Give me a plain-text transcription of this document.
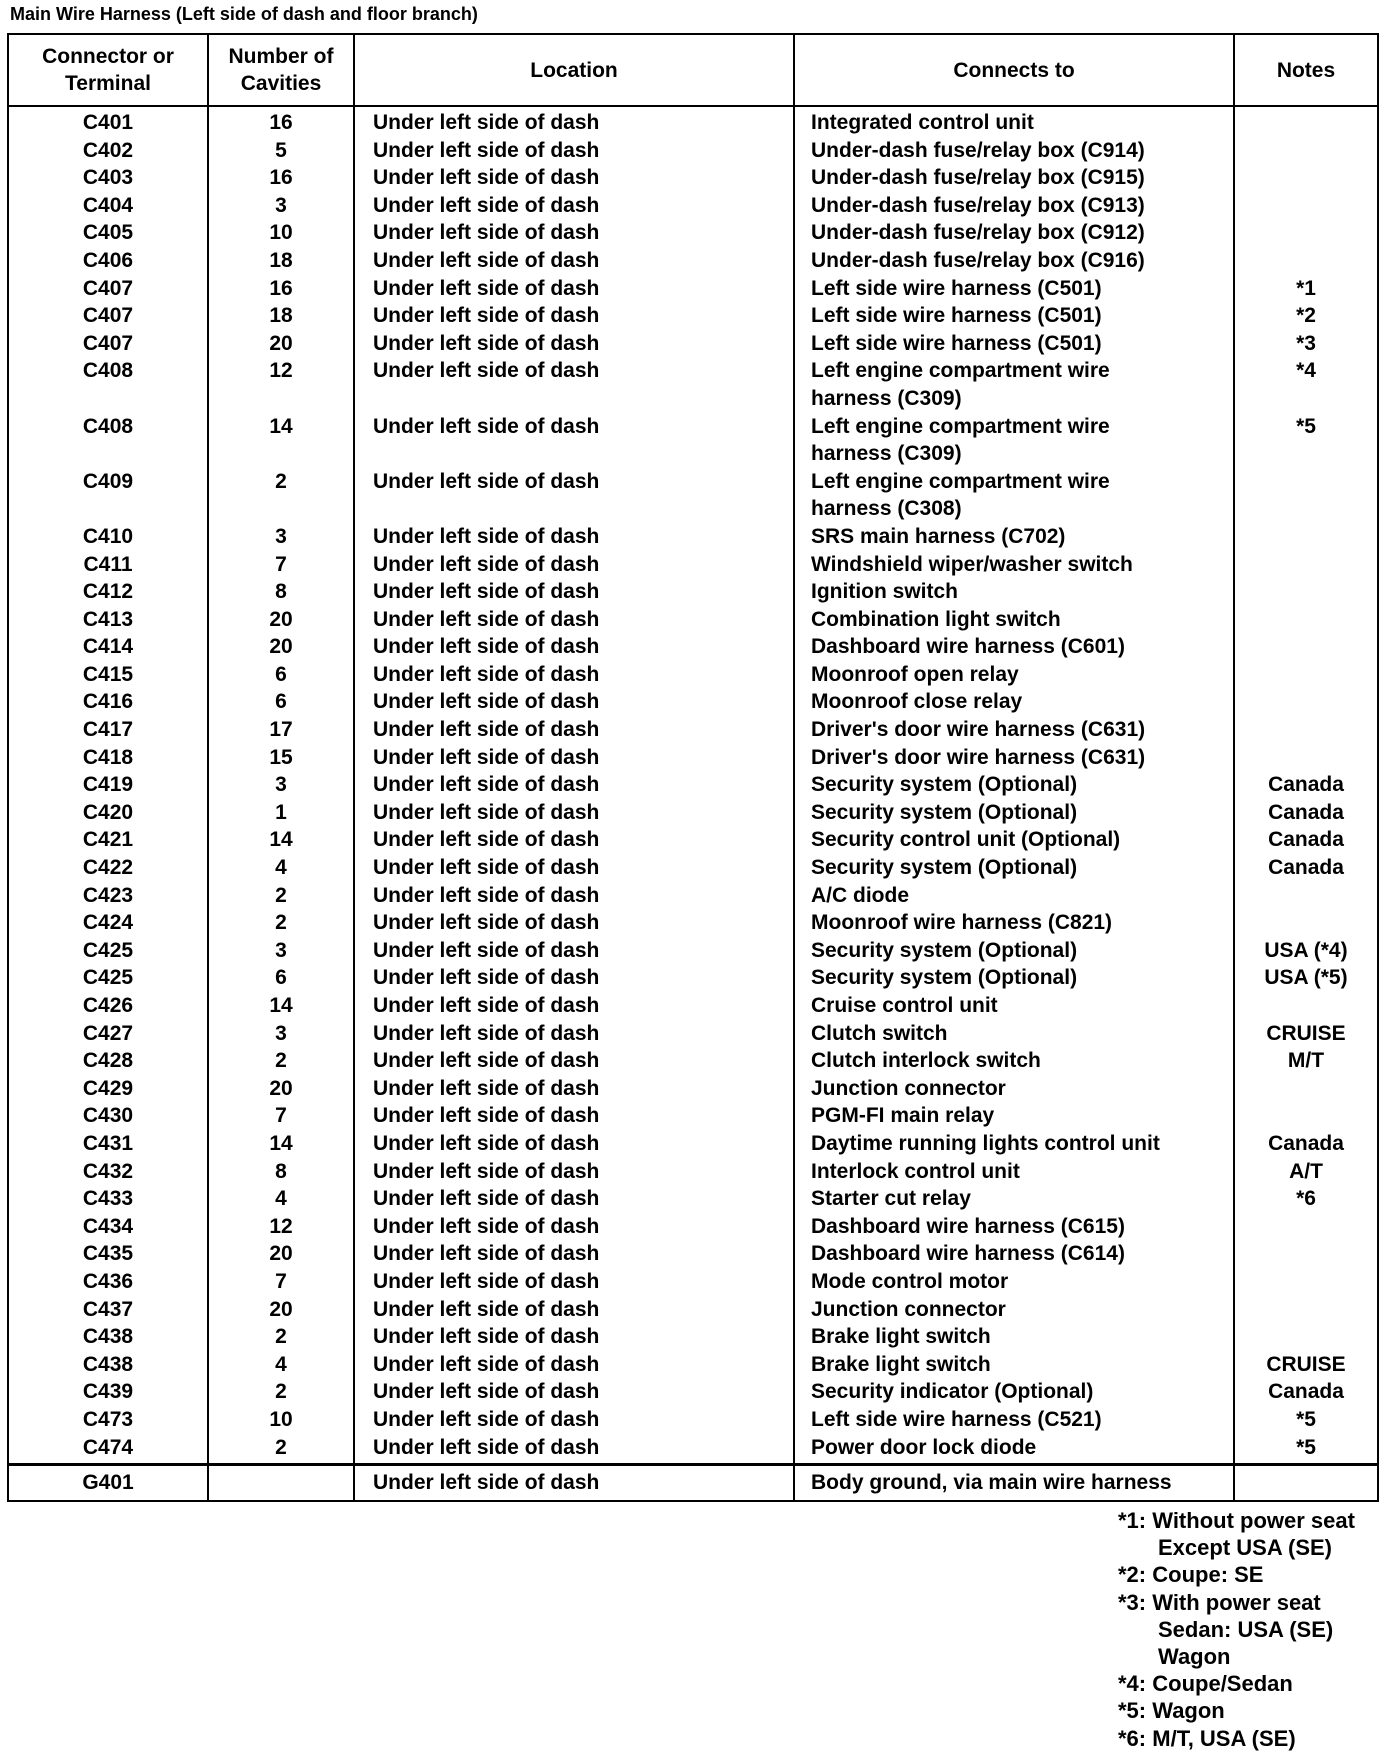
Main Wire Harness (Left side of dash and floor branch)
Connector or Terminal	Number of Cavities	Location	Connects to	Notes
C401	16	Under left side of dash	Integrated control unit	

C402	5	Under left side of dash	Under-dash fuse/relay box (C914)	

C403	16	Under left side of dash	Under-dash fuse/relay box (C915)	

C404	3	Under left side of dash	Under-dash fuse/relay box (C913)	

C405	10	Under left side of dash	Under-dash fuse/relay box (C912)	

C406	18	Under left side of dash	Under-dash fuse/relay box (C916)	

C407	16	Under left side of dash	Left side wire harness (C501)	*1
C407	18	Under left side of dash	Left side wire harness (C501)	*2
C407	20	Under left side of dash	Left side wire harness (C501)	*3
C408	12	Under left side of dash	Left engine compartment wire
harness (C309)	*4
C408	14	Under left side of dash	Left engine compartment wire
harness (C309)	*5
C409	2	Under left side of dash	Left engine compartment wire
harness (C308)	

C410	3	Under left side of dash	SRS main harness (C702)	

C411	7	Under left side of dash	Windshield wiper/washer switch	

C412	8	Under left side of dash	Ignition switch	

C413	20	Under left side of dash	Combination light switch	

C414	20	Under left side of dash	Dashboard wire harness (C601)	

C415	6	Under left side of dash	Moonroof open relay	

C416	6	Under left side of dash	Moonroof close relay	

C417	17	Under left side of dash	Driver's door wire harness (C631)	

C418	15	Under left side of dash	Driver's door wire harness (C631)	

C419	3	Under left side of dash	Security system (Optional)	Canada
C420	1	Under left side of dash	Security system (Optional)	Canada
C421	14	Under left side of dash	Security control unit (Optional)	Canada
C422	4	Under left side of dash	Security system (Optional)	Canada
C423	2	Under left side of dash	A/C diode	

C424	2	Under left side of dash	Moonroof wire harness (C821)	

C425	3	Under left side of dash	Security system (Optional)	USA (*4)
C425	6	Under left side of dash	Security system (Optional)	USA (*5)
C426	14	Under left side of dash	Cruise control unit	

C427	3	Under left side of dash	Clutch switch	CRUISE
C428	2	Under left side of dash	Clutch interlock switch	M/T
C429	20	Under left side of dash	Junction connector	

C430	7	Under left side of dash	PGM-FI main relay	

C431	14	Under left side of dash	Daytime running lights control unit	Canada
C432	8	Under left side of dash	Interlock control unit	A/T
C433	4	Under left side of dash	Starter cut relay	*6
C434	12	Under left side of dash	Dashboard wire harness (C615)	

C435	20	Under left side of dash	Dashboard wire harness (C614)	

C436	7	Under left side of dash	Mode control motor	

C437	20	Under left side of dash	Junction connector	

C438	2	Under left side of dash	Brake light switch	

C438	4	Under left side of dash	Brake light switch	CRUISE
C439	2	Under left side of dash	Security indicator (Optional)	Canada
C473	10	Under left side of dash	Left side wire harness (C521)	*5
C474	2	Under left side of dash	Power door lock diode	*5
G401		Under left side of dash	Body ground, via main wire harness	
*1: Without power seat
Except USA (SE)
*2: Coupe: SE
*3: With power seat
Sedan: USA (SE)
Wagon
*4: Coupe/Sedan
*5: Wagon
*6: M/T, USA (SE)
